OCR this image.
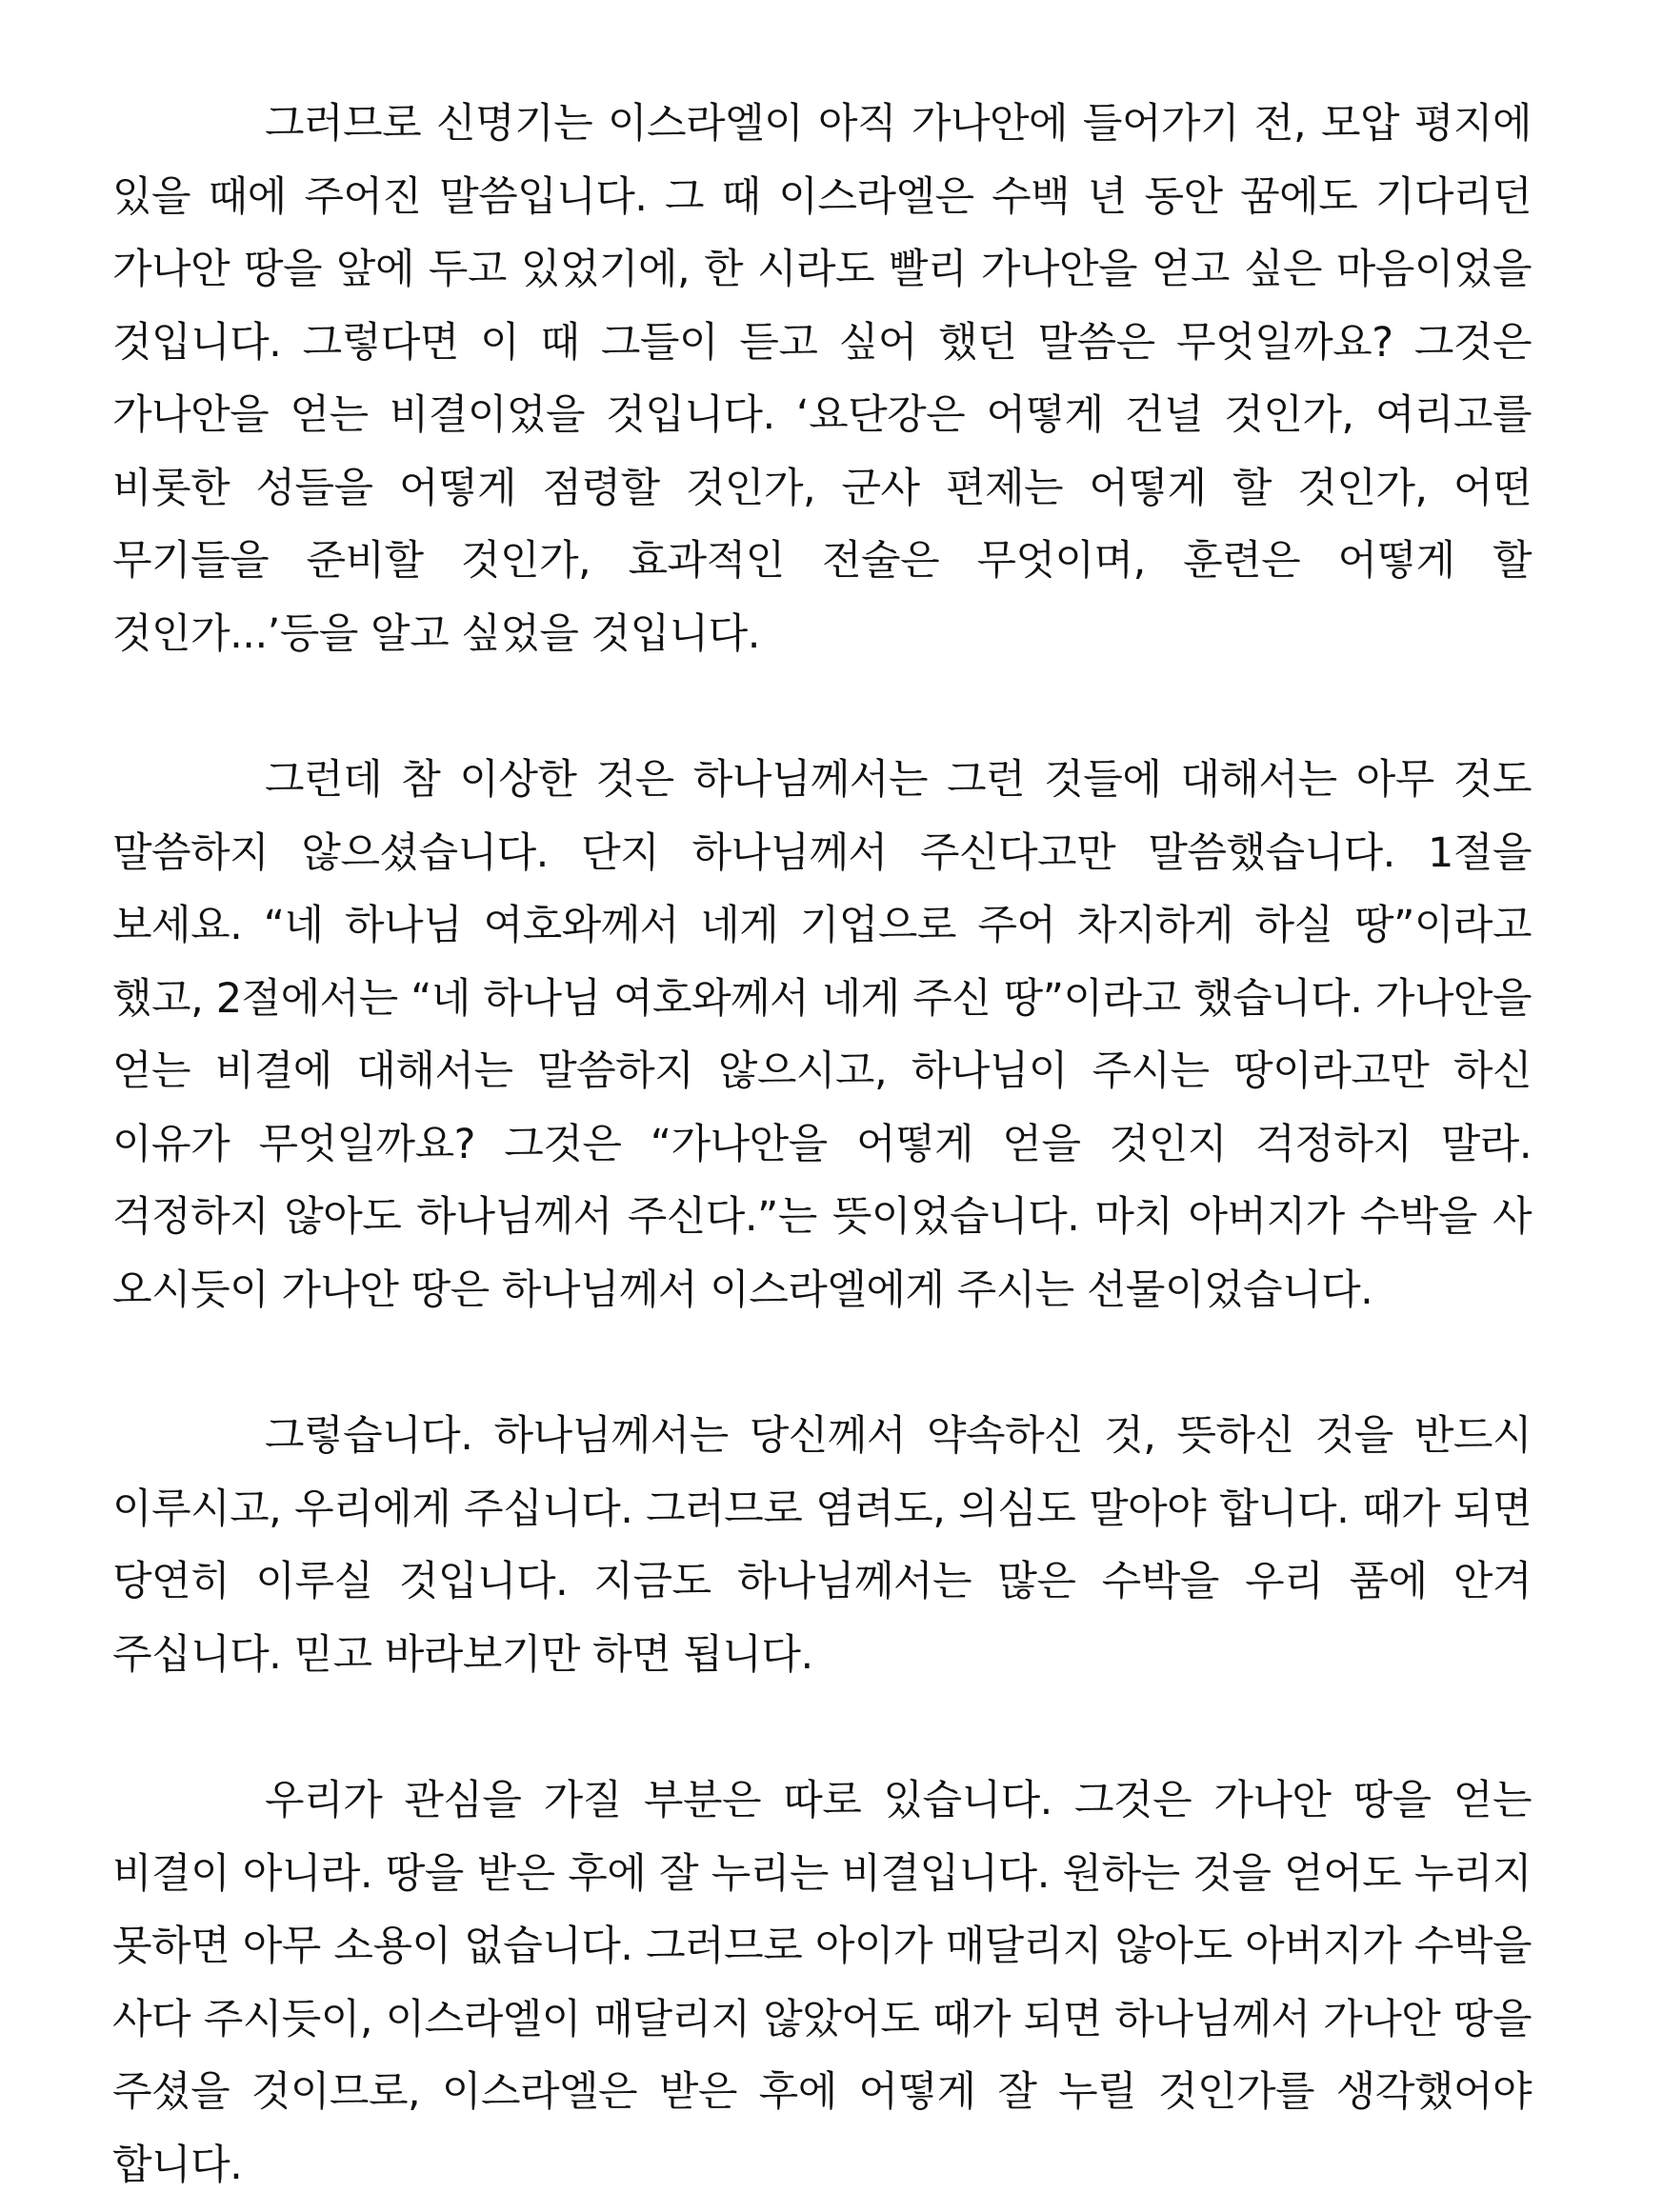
그러므로 신명기는 이스라엘이 아직 가나안에 들어가기 전, 모압 평지에 있을 때에 주어진 말씀입니다. 그 때 이스라엘은 수백 년 동안 꿈에도 기다리던 가나안 땅을 앞에 두고 있었기에, 한 시라도 빨리 가나안을 얻고 싶은 마음이었을 것입니다. 그렇다면 이 때 그들이 듣고 싶어 했던 말씀은 무엇일까요? 그것은 가나안을 얻는 비결이었을 것입니다. ‘요단강은 어떻게 건널 것인가, 여리고를 비롯한 성들을 어떻게 점령할 것인가, 군사 편제는 어떻게 할 것인가, 어떤 무기들을 준비할 것인가, 효과적인 전술은 무엇이며, 훈련은 어떻게 할 것인가...’등을 알고 싶었을 것입니다.

그런데 참 이상한 것은 하나님께서는 그런 것들에 대해서는 아무 것도 말씀하지 않으셨습니다. 단지 하나님께서 주신다고만 말씀했습니다. 1절을 보세요. “네 하나님 여호와께서 네게 기업으로 주어 차지하게 하실 땅”이라고 했고, 2절에서는 “네 하나님 여호와께서 네게 주신 땅”이라고 했습니다. 가나안을 얻는 비결에 대해서는 말씀하지 않으시고, 하나님이 주시는 땅이라고만 하신 이유가 무엇일까요? 그것은 “가나안을 어떻게 얻을 것인지 걱정하지 말라. 걱정하지 않아도 하나님께서 주신다.”는 뜻이었습니다. 마치 아버지가 수박을 사 오시듯이 가나안 땅은 하나님께서 이스라엘에게 주시는 선물이었습니다.

그렇습니다. 하나님께서는 당신께서 약속하신 것, 뜻하신 것을 반드시 이루시고, 우리에게 주십니다. 그러므로 염려도, 의심도 말아야 합니다. 때가 되면 당연히 이루실 것입니다. 지금도 하나님께서는 많은 수박을 우리 품에 안겨 주십니다. 믿고 바라보기만 하면 됩니다.

우리가 관심을 가질 부분은 따로 있습니다. 그것은 가나안 땅을 얻는 비결이 아니라. 땅을 받은 후에 잘 누리는 비결입니다. 원하는 것을 얻어도 누리지 못하면 아무 소용이 없습니다. 그러므로 아이가 매달리지 않아도 아버지가 수박을 사다 주시듯이, 이스라엘이 매달리지 않았어도 때가 되면 하나님께서 가나안 땅을 주셨을 것이므로, 이스라엘은 받은 후에 어떻게 잘 누릴 것인가를 생각했어야 합니다.
